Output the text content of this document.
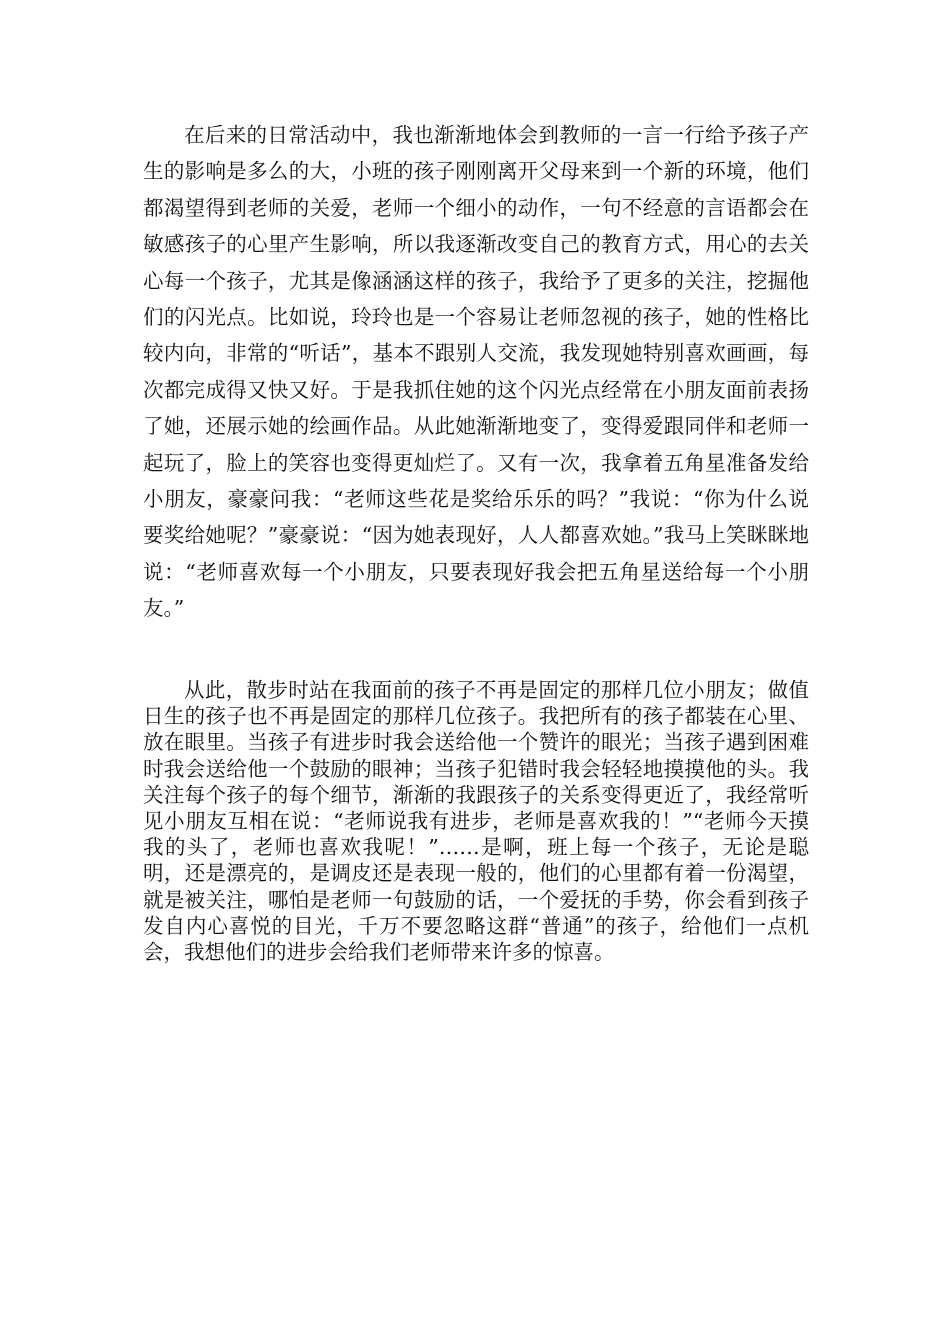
在后来的日常活动中，我也渐渐地体会到教师的一言一行给予孩子产生的影响是多么的大，小班的孩子刚刚离开父母来到一个新的环境，他们都渴望得到老师的关爱，老师一个细小的动作，一句不经意的言语都会在敏感孩子的心里产生影响，所以我逐渐改变自己的教育方式，用心的去关心每一个孩子，尤其是像涵涵这样的孩子，我给予了更多的关注，挖掘他们的闪光点。比如说，玲玲也是一个容易让老师忽视的孩子，她的性格比较内向，非常的“听话”，基本不跟别人交流，我发现她特别喜欢画画，每次都完成得又快又好。于是我抓住她的这个闪光点经常在小朋友面前表扬了她，还展示她的绘画作品。从此她渐渐地变了，变得爱跟同伴和老师一起玩了，脸上的笑容也变得更灿烂了。又有一次，我拿着五角星准备发给小朋友，豪豪问我：“老师这些花是奖给乐乐的吗？”我说：“你为什么说要奖给她呢？”豪豪说：“因为她表现好，人人都喜欢她。”我马上笑眯眯地说：“老师喜欢每一个小朋友，只要表现好我会把五角星送给每一个小朋友。”

从此，散步时站在我面前的孩子不再是固定的那样几位小朋友；做值日生的孩子也不再是固定的那样几位孩子。我把所有的孩子都装在心里、放在眼里。当孩子有进步时我会送给他一个赞许的眼光；当孩子遇到困难时我会送给他一个鼓励的眼神；当孩子犯错时我会轻轻地摸摸他的头。我关注每个孩子的每个细节，渐渐的我跟孩子的关系变得更近了，我经常听见小朋友互相在说：“老师说我有进步，老师是喜欢我的！”“老师今天摸我的头了，老师也喜欢我呢！”……是啊，班上每一个孩子，无论是聪明，还是漂亮的，是调皮还是表现一般的，他们的心里都有着一份渴望，就是被关注，哪怕是老师一句鼓励的话，一个爱抚的手势，你会看到孩子发自内心喜悦的目光，千万不要忽略这群“普通”的孩子，给他们一点机会，我想他们的进步会给我们老师带来许多的惊喜。
